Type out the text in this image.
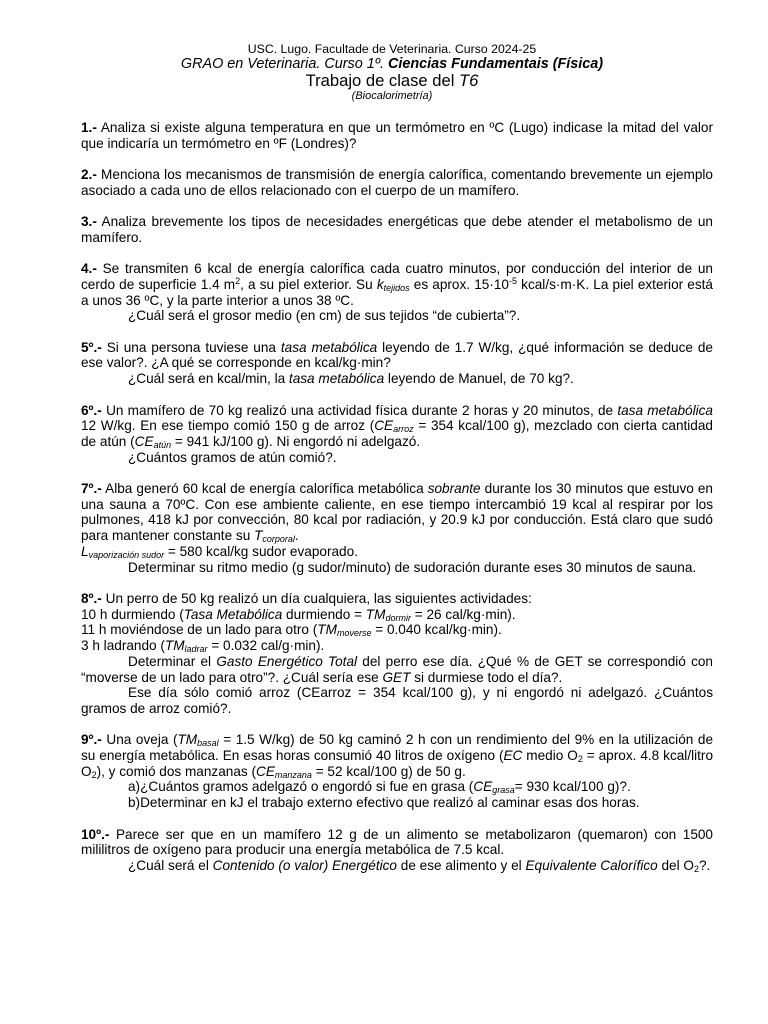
USC. Lugo. Facultade de Veterinaria. Curso 2024-25
GRAO en Veterinaria. Curso 1º. Ciencias Fundamentais (Física)
Trabajo de clase del T6
(Biocalorimetría)

1.- Analiza si existe alguna temperatura en que un termómetro en ºC (Lugo) indicase la mitad del valor que indicaría un termómetro en ºF (Londres)?

2.- Menciona los mecanismos de transmisión de energía calorífica, comentando brevemente un ejemplo asociado a cada uno de ellos relacionado con el cuerpo de un mamífero.

3.- Analiza brevemente los tipos de necesidades energéticas que debe atender el metabolismo de un mamífero.

4.- Se transmiten 6 kcal de energía calorífica cada cuatro minutos, por conducción del interior de un cerdo de superficie 1.4 $m^2$, a su piel exterior. Su $k_{tejidos}$ es aprox. $15\cdot 10^{-5}$ kcal/s·m·K. La piel exterior está a unos 36 ºC, y la parte interior a unos 38 ºC.

¿Cuál será el grosor medio (en cm) de sus tejidos “de cubierta”?.

5º.- Si una persona tuviese una tasa metabólica leyendo de 1.7 W/kg, ¿qué información se deduce de ese valor?. ¿A qué se corresponde en kcal/kg·min?

¿Cuál será en kcal/min, la tasa metabólica leyendo de Manuel, de 70 kg?.

6º.- Un mamífero de 70 kg realizó una actividad física durante 2 horas y 20 minutos, de tasa metabólica 12 W/kg. En ese tiempo comió 150 g de arroz ($CE_{arroz} = 354$ kcal/100 g), mezclado con cierta cantidad de atún ($CE_{atún} = 941$ kJ/100 g). Ni engordó ni adelgazó.

¿Cuántos gramos de atún comió?.

7º.- Alba generó 60 kcal de energía calorífica metabólica sobrante durante los 30 minutos que estuvo en una sauna a 70ºC. Con ese ambiente caliente, en ese tiempo intercambió 19 kcal al respirar por los pulmones, 418 kJ por convección, 80 kcal por radiación, y 20.9 kJ por conducción. Está claro que sudó para mantener constante su $T_{corporal}$.

$L_{vaporización sudor} = 580$ kcal/kg sudor evaporado.

Determinar su ritmo medio (g sudor/minuto) de sudoración durante eses 30 minutos de sauna.

8º.- Un perro de 50 kg realizó un día cualquiera, las siguientes actividades:

10 h durmiendo (Tasa Metabólica durmiendo = $TM_{dormir} = 26$ cal/kg·min).

11 h moviéndose de un lado para otro ($TM_{moverse} = 0.040$ kcal/kg·min).

3 h ladrando ($TM_{ladrar} = 0.032$ cal/g·min).

Determinar el Gasto Energético Total del perro ese día. ¿Qué % de GET se correspondió con “moverse de un lado para otro”?. ¿Cuál sería ese GET si durmiese todo el día?.

Ese día sólo comió arroz (CEarroz = 354 kcal/100 g), y ni engordó ni adelgazó. ¿Cuántos gramos de arroz comió?.

9º.- Una oveja ($TM_{basal} = 1.5$ W/kg) de 50 kg caminó 2 h con un rendimiento del 9% en la utilización de su energía metabólica. En esas horas consumió 40 litros de oxígeno (EC medio $O_2$ = aprox. 4.8 kcal/litro $O_2$), y comió dos manzanas ($CE_{manzana} = 52$ kcal/100 g) de 50 g.

a)¿Cuántos gramos adelgazó o engordó si fue en grasa ($CE_{grasa}= 930$ kcal/100 g)?.

b)Determinar en kJ el trabajo externo efectivo que realizó al caminar esas dos horas.

10º.- Parece ser que en un mamífero 12 g de un alimento se metabolizaron (quemaron) con 1500 mililitros de oxígeno para producir una energía metabólica de 7.5 kcal.

¿Cuál será el Contenido (o valor) Energético de ese alimento y el Equivalente Calorífico del $O_2$?.
